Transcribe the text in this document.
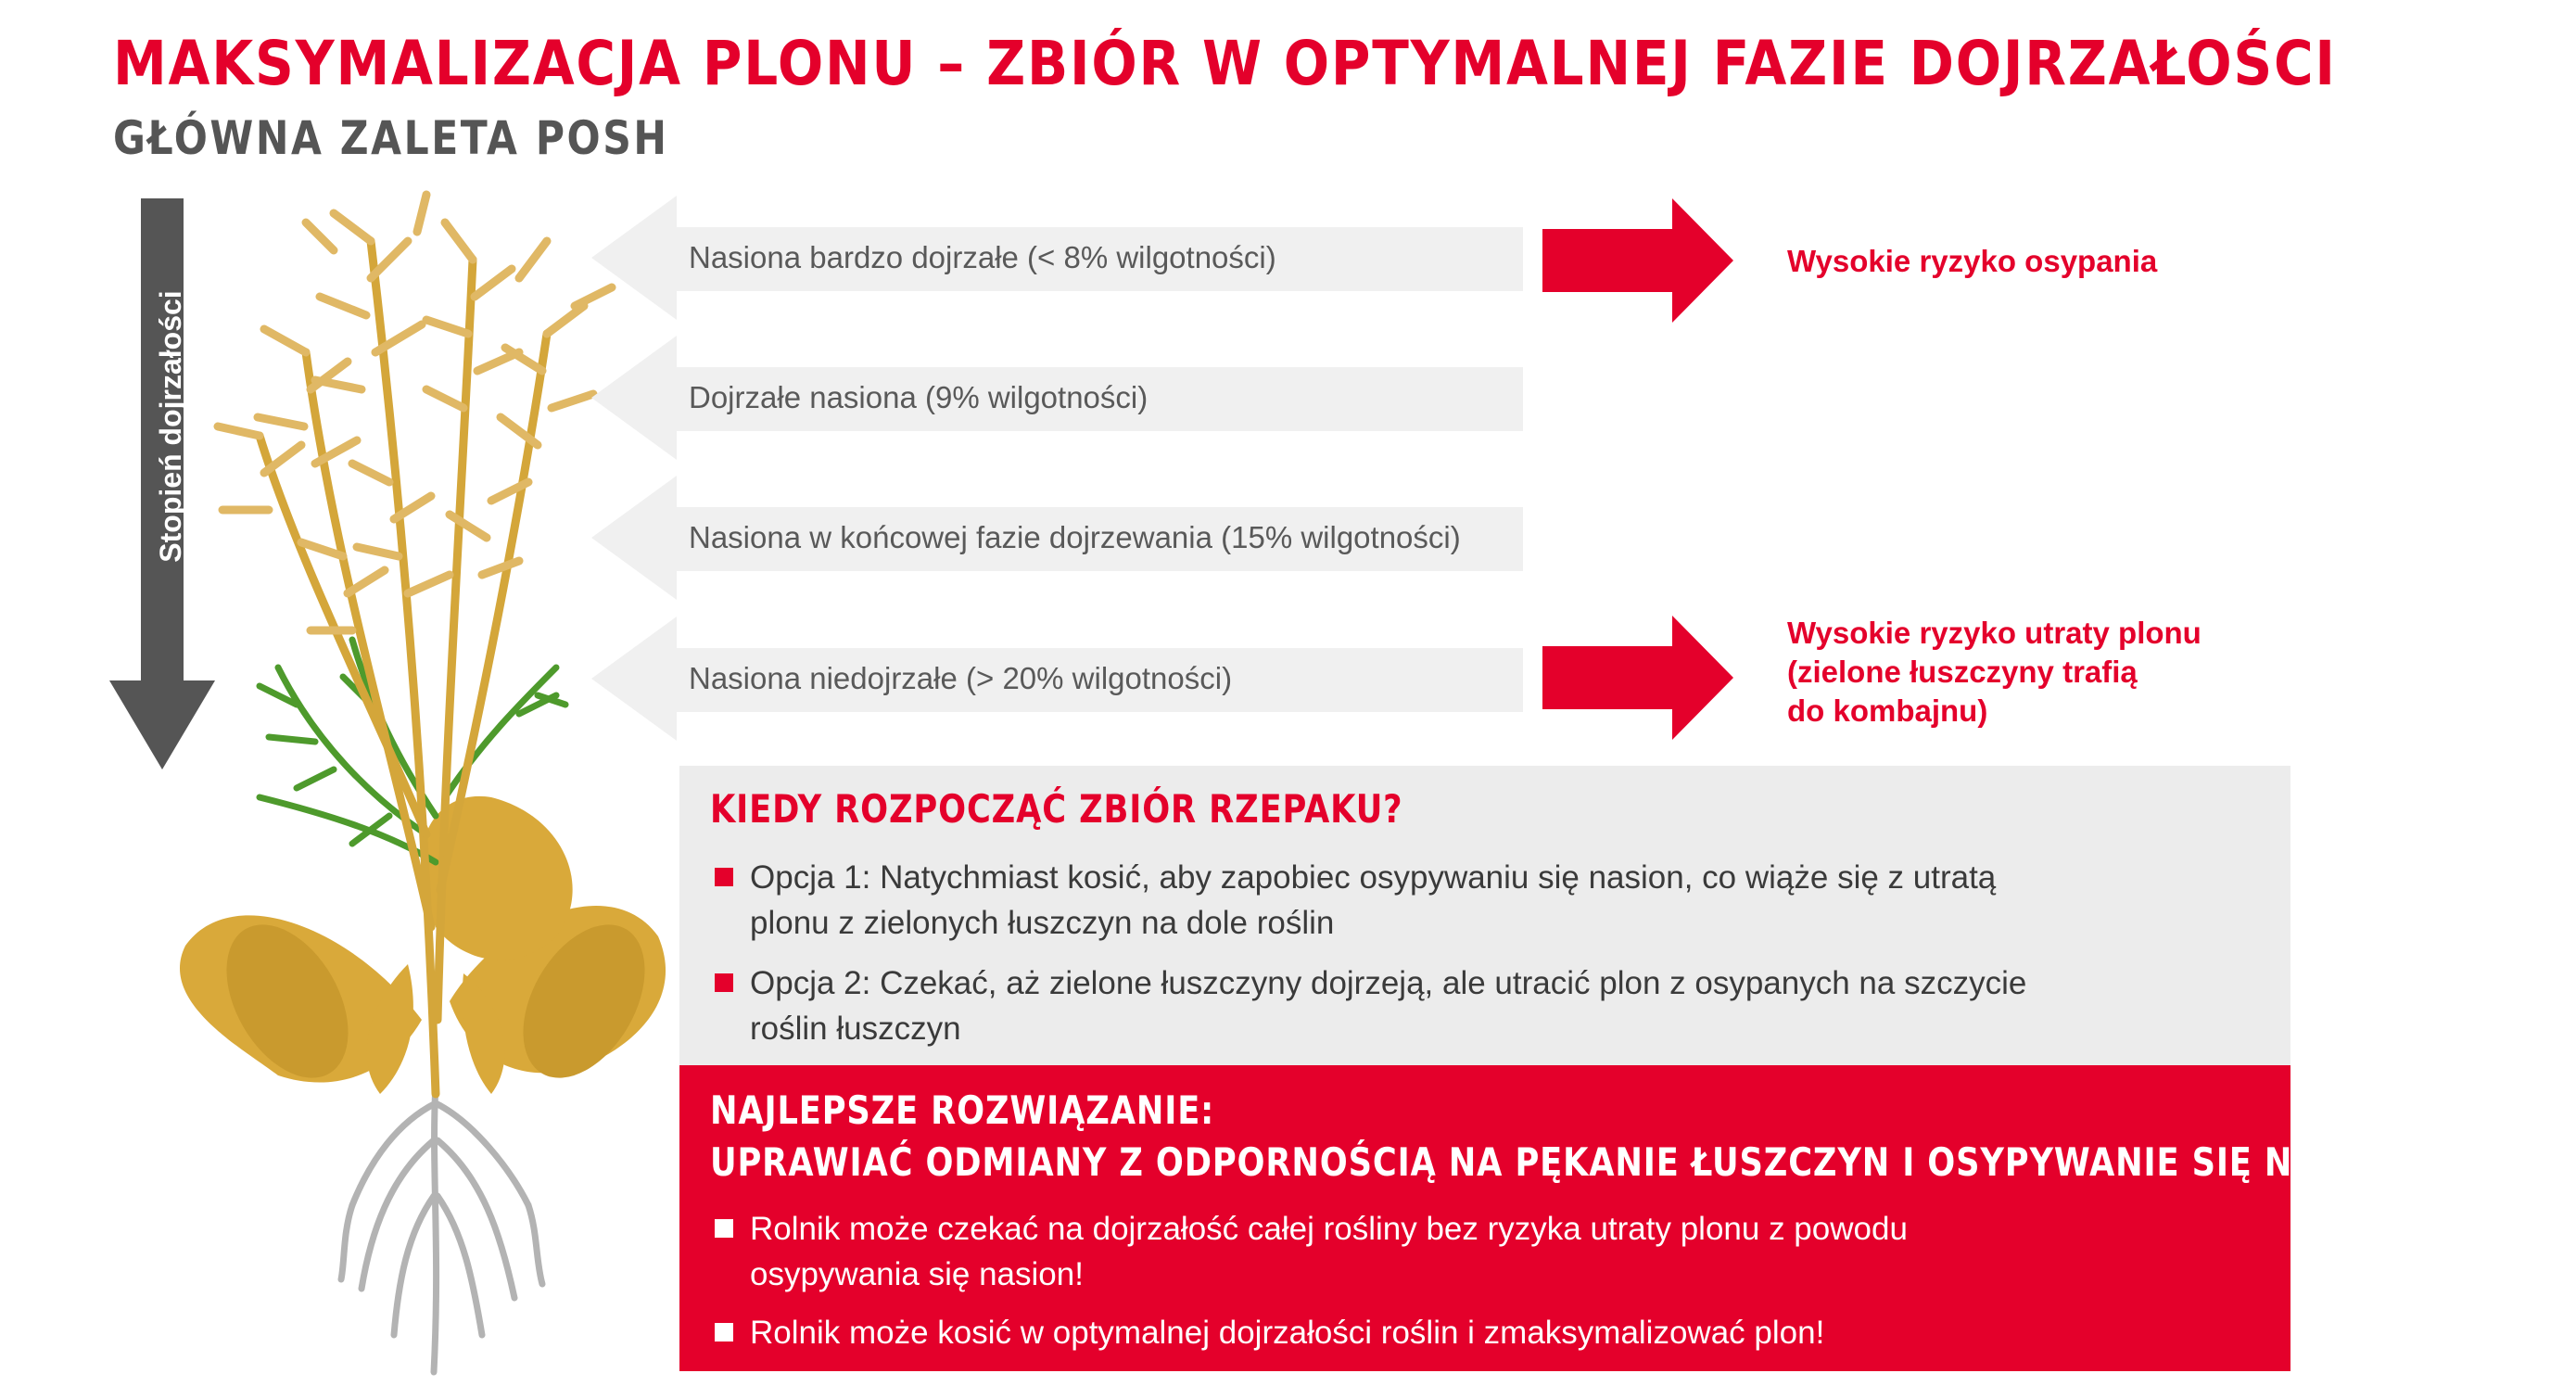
MAKSYMALIZACJA PLONU – ZBIÓR W OPTYMALNEJ FAZIE DOJRZAŁOŚCI
GŁÓWNA ZALETA POSH
Stopień dojrzałości
Nasiona bardzo dojrzałe (< 8% wilgotności)
Dojrzałe nasiona (9% wilgotności)
Nasiona w końcowej fazie dojrzewania (15% wilgotności)
Nasiona niedojrzałe (> 20% wilgotności)
Wysokie ryzyko osypania
Wysokie ryzyko utraty plonu
(zielone łuszczyny trafią
do kombajnu)
KIEDY ROZPOCZĄĆ ZBIÓR RZEPAKU?
Opcja 1: Natychmiast kosić, aby zapobiec osypywaniu się nasion, co wiąże się z utratą
plonu z zielonych łuszczyn na dole roślin
Opcja 2: Czekać, aż zielone łuszczyny dojrzeją, ale utracić plon z osypanych na szczycie
roślin łuszczyn
NAJLEPSZE ROZWIĄZANIE:
UPRAWIAĆ ODMIANY Z ODPORNOŚCIĄ NA PĘKANIE ŁUSZCZYN I OSYPYWANIE SIĘ NASION (POSH):
Rolnik może czekać na dojrzałość całej rośliny bez ryzyka utraty plonu z powodu
osypywania się nasion!
Rolnik może kosić w optymalnej dojrzałości roślin i zmaksymalizować plon!
